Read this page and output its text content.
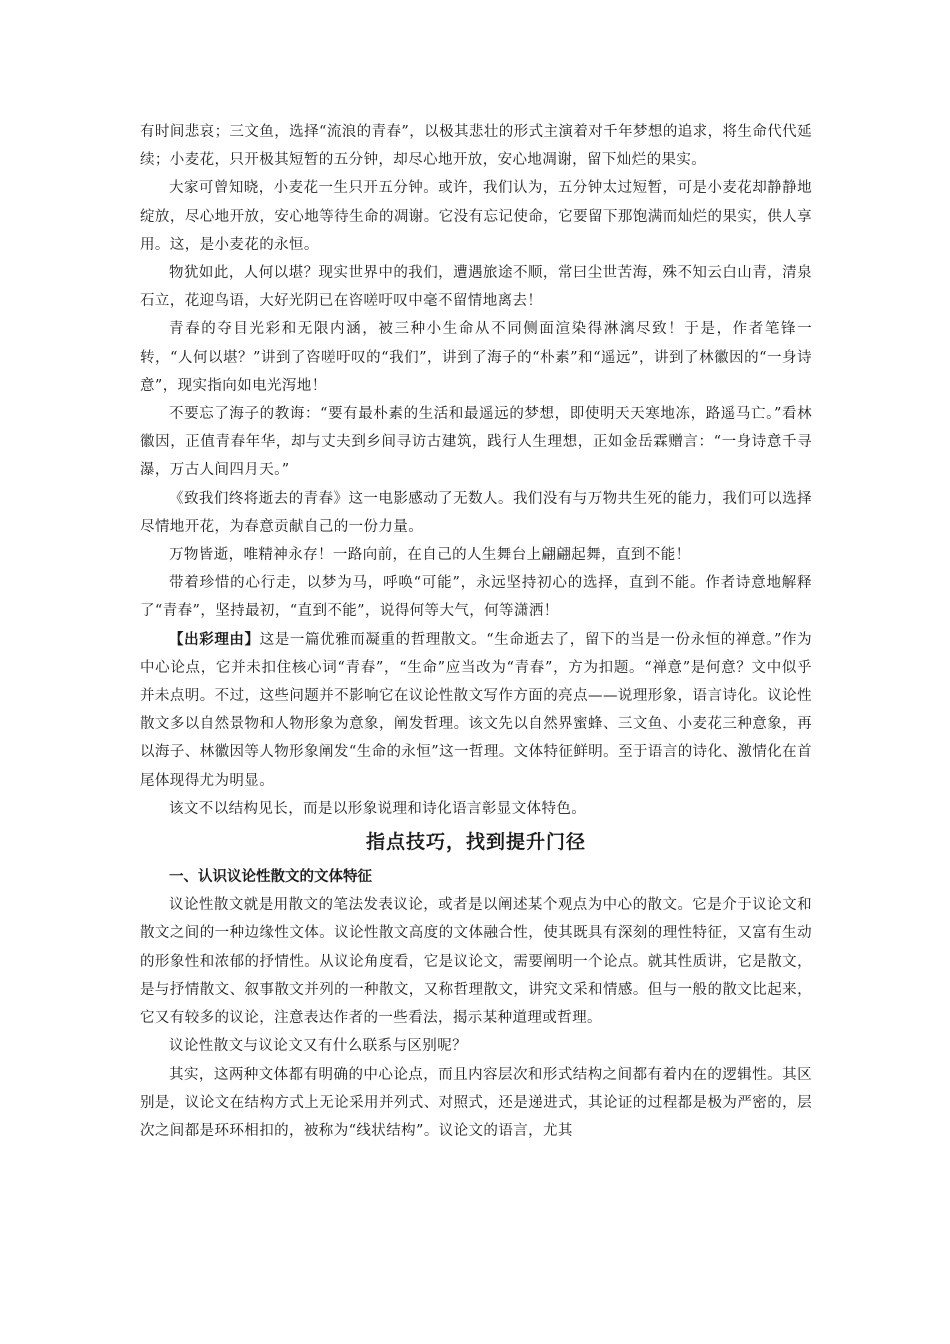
有时间悲哀；三文鱼，选择“流浪的青春”，以极其悲壮的形式主演着对千年梦想的追求，将生命代代延续；小麦花，只开极其短暂的五分钟，却尽心地开放，安心地凋谢，留下灿烂的果实。

大家可曾知晓，小麦花一生只开五分钟。或许，我们认为，五分钟太过短暂，可是小麦花却静静地绽放，尽心地开放，安心地等待生命的凋谢。它没有忘记使命，它要留下那饱满而灿烂的果实，供人享用。这，是小麦花的永恒。

物犹如此，人何以堪？现实世界中的我们，遭遇旅途不顺，常曰尘世苦海，殊不知云白山青，清泉石立，花迎鸟语，大好光阴已在咨嗟吁叹中毫不留情地离去！

青春的夺目光彩和无限内涵，被三种小生命从不同侧面渲染得淋漓尽致！于是，作者笔锋一转，“人何以堪？”讲到了咨嗟吁叹的“我们”，讲到了海子的“朴素”和“遥远”，讲到了林徽因的“一身诗意”，现实指向如电光泻地！

不要忘了海子的教诲：“要有最朴素的生活和最遥远的梦想，即使明天天寒地冻，路遥马亡。”看林徽因，正值青春年华，却与丈夫到乡间寻访古建筑，践行人生理想，正如金岳霖赠言：“一身诗意千寻瀑，万古人间四月天。”

《致我们终将逝去的青春》这一电影感动了无数人。我们没有与万物共生死的能力，我们可以选择尽情地开花，为春意贡献自己的一份力量。

万物皆逝，唯精神永存！一路向前，在自己的人生舞台上翩翩起舞，直到不能！

带着珍惜的心行走，以梦为马，呼唤“可能”，永远坚持初心的选择，直到不能。作者诗意地解释了“青春”，坚持最初，“直到不能”，说得何等大气，何等潇洒！

【出彩理由】这是一篇优雅而凝重的哲理散文。“生命逝去了，留下的当是一份永恒的禅意。”作为中心论点，它并未扣住核心词“青春”，“生命”应当改为“青春”，方为扣题。“禅意”是何意？文中似乎并未点明。不过，这些问题并不影响它在议论性散文写作方面的亮点——说理形象，语言诗化。议论性散文多以自然景物和人物形象为意象，阐发哲理。该文先以自然界蜜蜂、三文鱼、小麦花三种意象，再以海子、林徽因等人物形象阐发“生命的永恒”这一哲理。文体特征鲜明。至于语言的诗化、激情化在首尾体现得尤为明显。

该文不以结构见长，而是以形象说理和诗化语言彰显文体特色。

指点技巧，找到提升门径
一、认识议论性散文的文体特征

议论性散文就是用散文的笔法发表议论，或者是以阐述某个观点为中心的散文。它是介于议论文和散文之间的一种边缘性文体。议论性散文高度的文体融合性，使其既具有深刻的理性特征，又富有生动的形象性和浓郁的抒情性。从议论角度看，它是议论文，需要阐明一个论点。就其性质讲，它是散文，是与抒情散文、叙事散文并列的一种散文，又称哲理散文，讲究文采和情感。但与一般的散文比起来，它又有较多的议论，注意表达作者的一些看法，揭示某种道理或哲理。

议论性散文与议论文又有什么联系与区别呢？

其实，这两种文体都有明确的中心论点，而且内容层次和形式结构之间都有着内在的逻辑性。其区别是，议论文在结构方式上无论采用并列式、对照式，还是递进式，其论证的过程都是极为严密的，层次之间都是环环相扣的，被称为“线状结构”。议论文的语言，尤其
